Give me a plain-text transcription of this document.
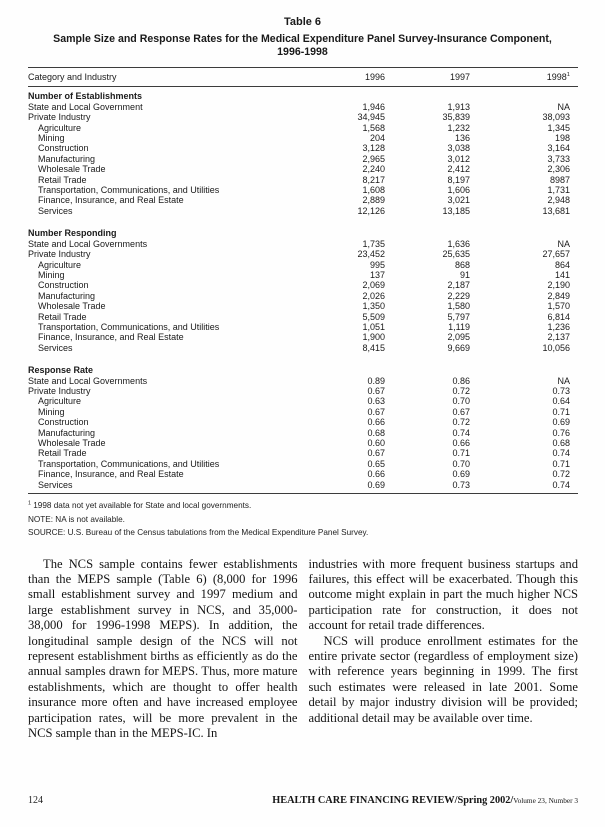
Table 6
Sample Size and Response Rates for the Medical Expenditure Panel Survey-Insurance Component, 1996-1998
Category and Industry	1996	1997	1998$^1$
Number of Establishments			
State and Local Government	1,946	1,913	NA
Private Industry	34,945	35,839	38,093
Agriculture	1,568	1,232	1,345
Mining	204	136	198
Construction	3,128	3,038	3,164
Manufacturing	2,965	3,012	3,733
Wholesale Trade	2,240	2,412	2,306
Retail Trade	8,217	8,197	8987
Transportation, Communications, and Utilities	1,608	1,606	1,731
Finance, Insurance, and Real Estate	2,889	3,021	2,948
Services	12,126	13,185	13,681
Number Responding			
State and Local Governments	1,735	1,636	NA
Private Industry	23,452	25,635	27,657
Agriculture	995	868	864
Mining	137	91	141
Construction	2,069	2,187	2,190
Manufacturing	2,026	2,229	2,849
Wholesale Trade	1,350	1,580	1,570
Retail Trade	5,509	5,797	6,814
Transportation, Communications, and Utilities	1,051	1,119	1,236
Finance, Insurance, and Real Estate	1,900	2,095	2,137
Services	8,415	9,669	10,056
Response Rate			
State and Local Governments	0.89	0.86	NA
Private Industry	0.67	0.72	0.73
Agriculture	0.63	0.70	0.64
Mining	0.67	0.67	0.71
Construction	0.66	0.72	0.69
Manufacturing	0.68	0.74	0.76
Wholesale Trade	0.60	0.66	0.68
Retail Trade	0.67	0.71	0.74
Transportation, Communications, and Utilities	0.65	0.70	0.71
Finance, Insurance, and Real Estate	0.66	0.69	0.72
Services	0.69	0.73	0.74
$^1$ 1998 data not yet available for State and local governments.
NOTE: NA is not available.
SOURCE: U.S. Bureau of the Census tabulations from the Medical Expenditure Panel Survey.

The NCS sample contains fewer establishments than the MEPS sample (Table 6) (8,000 for 1996 small establishment survey and 1997 medium and large establishment survey in NCS, and 35,000-38,000 for 1996-1998 MEPS). In addition, the longitudinal sample design of the NCS will not represent establishment births as efficiently as do the annual samples drawn for MEPS. Thus, more mature establishments, which are thought to offer health insurance more often and have increased employee participation rates, will be more prevalent in the NCS sample than in the MEPS-IC. In

industries with more frequent business startups and failures, this effect will be exacerbated. Though this outcome might explain in part the much higher NCS participation rate for construction, it does not account for retail trade differences.

NCS will produce enrollment estimates for the entire private sector (regardless of employment size) with reference years beginning in 1999. The first such estimates were released in late 2001. Some detail by major industry division will be provided; additional detail may be available over time.

124	HEALTH CARE FINANCING REVIEW/Spring 2002/Volume 23, Number 3
